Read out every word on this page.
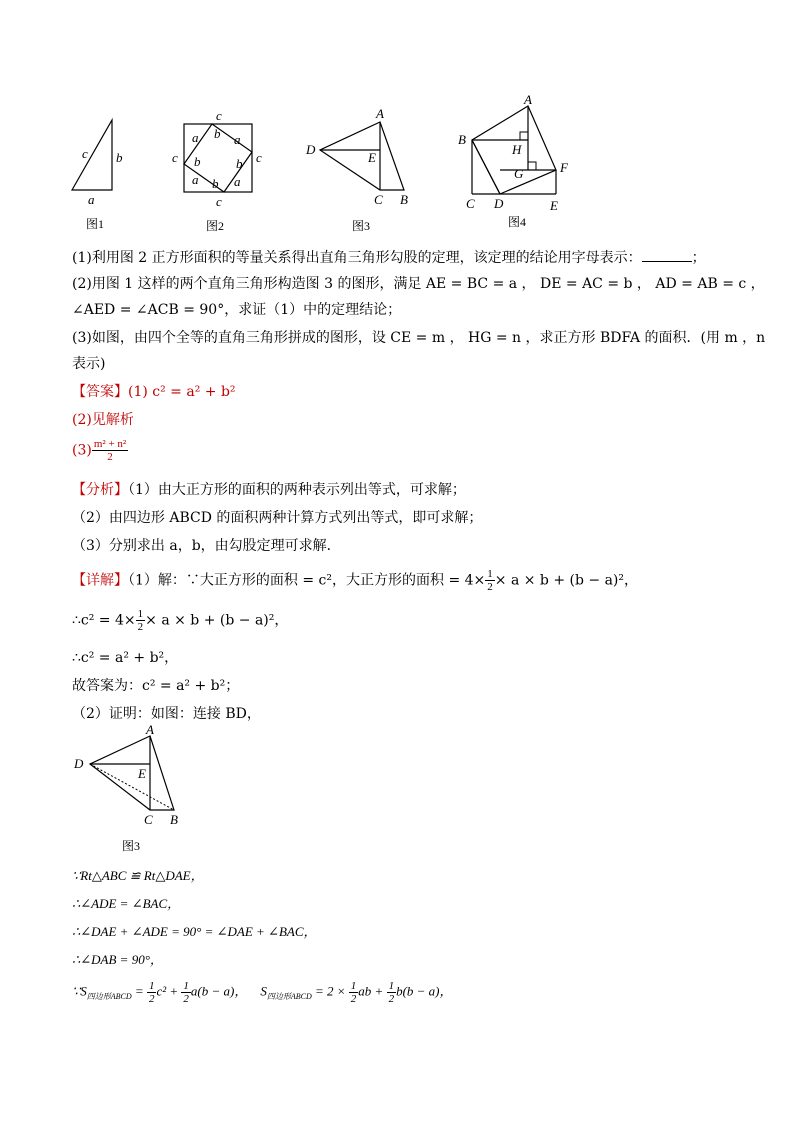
c b
a
图1
c
c	c
c
a b a
b
a
b
a
b
图2
A
D
E
C B
图3
A
B
H
G	F
C D	E
图4
(1)利用图 2 正方形面积的等量关系得出直角三角形勾股的定理，该定理的结论用字母表示：	；
(2)用图 1 这样的两个直角三角形构造图 3 的图形，满足 AE = BC = a ， DE = AC = b ， AD = AB = c ，
∠AED = ∠ACB = 90°，求证（1）中的定理结论；
(3)如图，由四个全等的直角三角形拼成的图形，设 CE = m ， HG = n ，求正方形 BDFA 的面积．(用 m ，n
表示)
【答案】(1) c² = a² + b²
(2)见解析
$(3) \frac{\text{m² + n²}}{2}$
【分析】（1）由大正方形的面积的两种表示列出等式，可求解；
（2）由四边形 ABCD 的面积两种计算方式列出等式，即可求解；
（3）分别求出 a，b，由勾股定理可求解．
【详解】（1）解：∵大正方形的面积 = c²，大正方形的面积 = $4\times \frac{1}{2} \times a \times b + (b - a)^2$，
∴c² = $4\times \frac{1}{2} \times a \times b + (b - a)^2$，
∴c² = a² + b²，
故答案为：c² = a² + b²；
（2）证明：如图：连接 BD，
A
D
E
C B
图3
∵Rt△ABC ≌ Rt△DAE，
∴∠ADE = ∠BAC，
∴∠DAE + ∠ADE = 90° = ∠DAE + ∠BAC，
∴∠DAB = 90°，
$\because S_{四边形ABCD} = \frac{1}{2} c^2 + \frac{1}{2} a(b - a)$， $S_{四边形ABCD} = 2 \times \frac{1}{2}$ ab + $\frac{1}{2} b(b - a)$，
